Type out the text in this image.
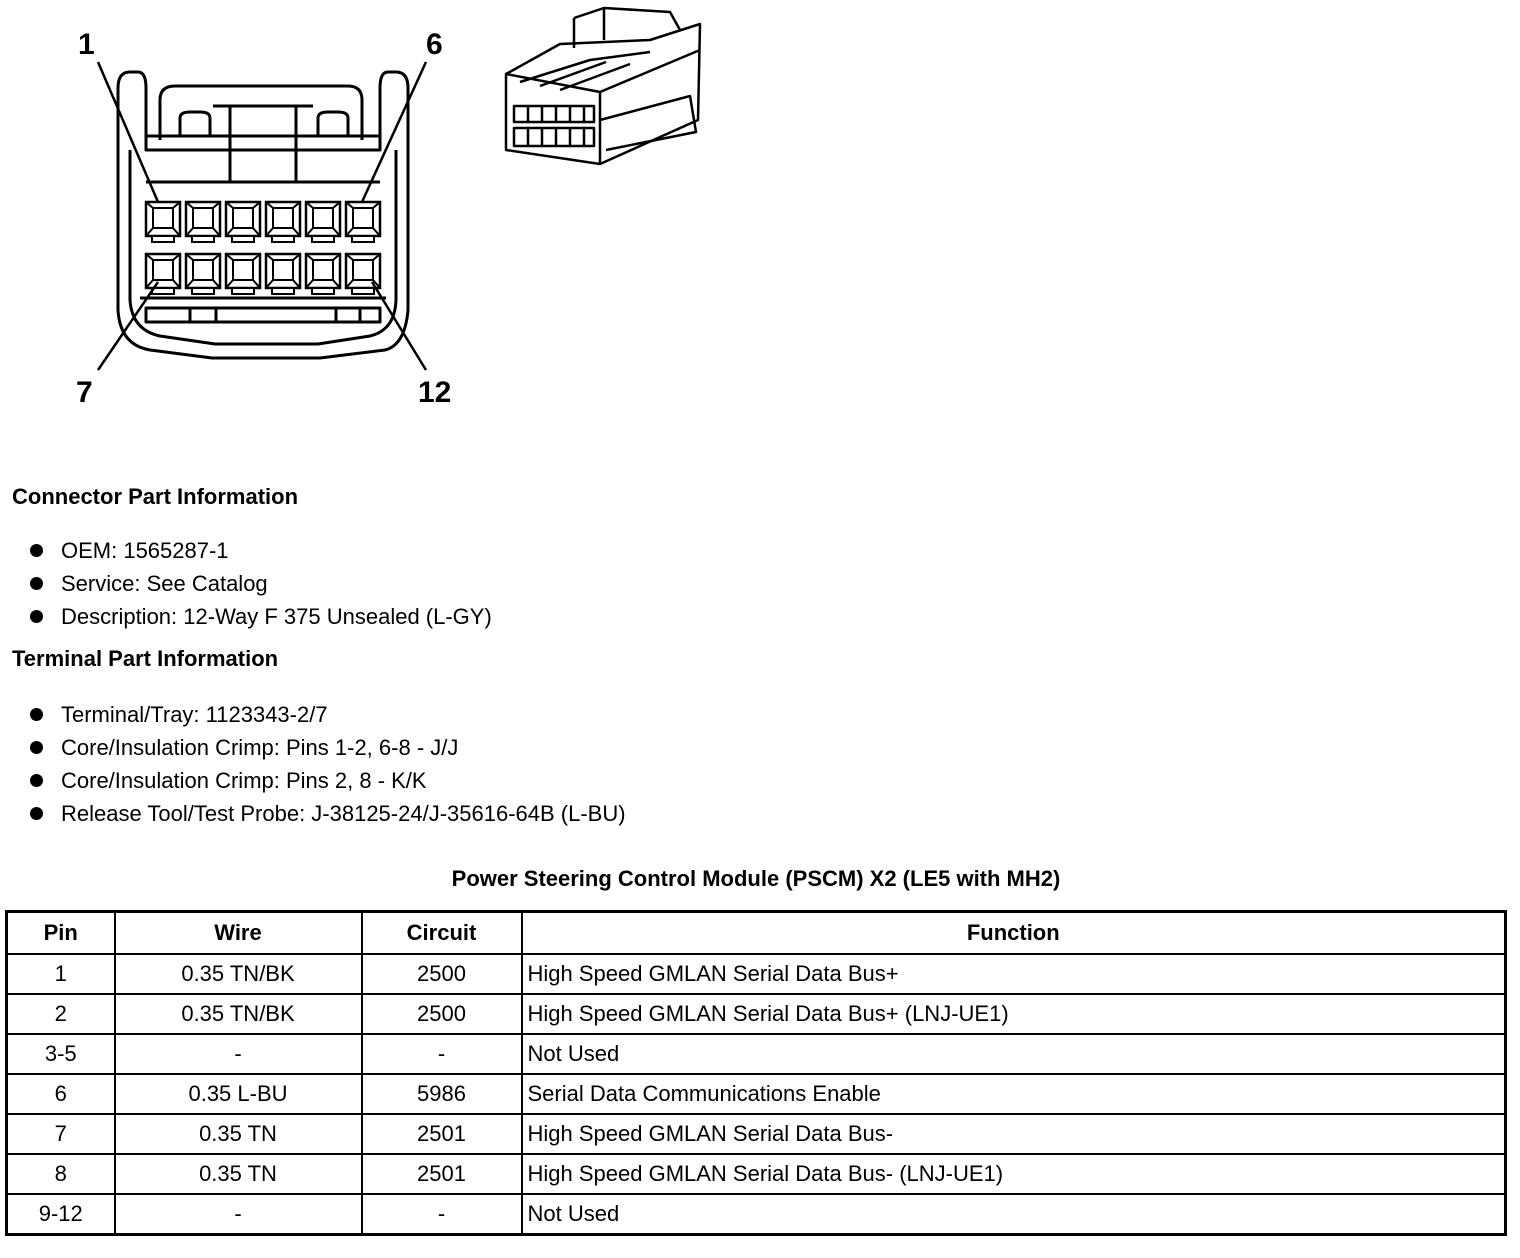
1	6
7	12
Connector Part Information
OEM: 1565287-1
Service: See Catalog
Description: 12-Way F 375 Unsealed (L-GY)
Terminal Part Information
Terminal/Tray: 1123343-2/7
Core/Insulation Crimp: Pins 1-2, 6-8 - J/J
Core/Insulation Crimp: Pins 2, 8 - K/K
Release Tool/Test Probe: J-38125-24/J-35616-64B (L-BU)
Power Steering Control Module (PSCM) X2 (LE5 with MH2)
Pin	Wire	Circuit	Function
1	0.35 TN/BK	2500	High Speed GMLAN Serial Data Bus+
2	0.35 TN/BK	2500	High Speed GMLAN Serial Data Bus+ (LNJ-UE1)
3-5	-	-	Not Used
6	0.35 L-BU	5986	Serial Data Communications Enable
7	0.35 TN	2501	High Speed GMLAN Serial Data Bus-
8	0.35 TN	2501	High Speed GMLAN Serial Data Bus- (LNJ-UE1)
9-12	-	-	Not Used
